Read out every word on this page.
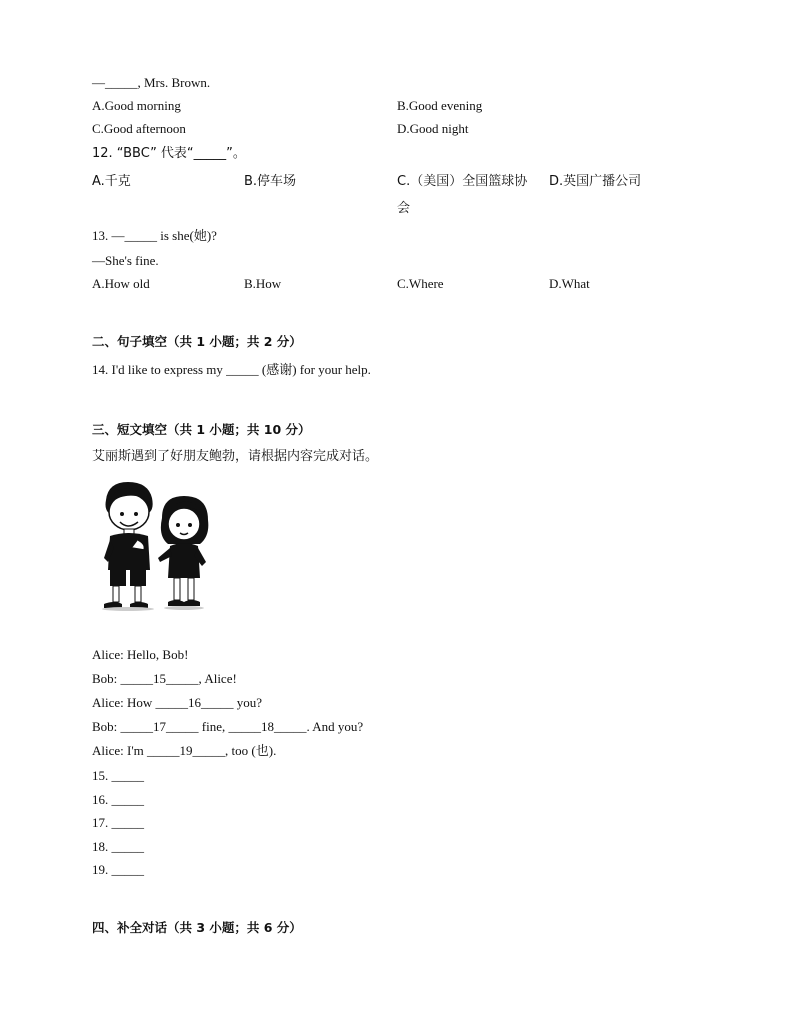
—_____, Mrs. Brown.
A.Good morning	B.Good evening
C.Good afternoon	D.Good night
12. “BBC” 代表“_____”。
A.千克	B.停车场	C.（美国）全国篮球协
会
D.英国广播公司
13. —_____ is she(她)?
—She's fine.
A.How old	B.How	C.Where	D.What
二、句子填空（共 1 小题；共 2 分）
14. I'd like to express my _____ (感谢) for your help.
三、短文填空（共 1 小题；共 10 分）
艾丽斯遇到了好朋友鲍勃，请根据内容完成对话。
Alice: Hello, Bob!
Bob: _____15_____, Alice!
Alice: How _____16_____ you?
Bob: _____17_____ fine, _____18_____. And you?
Alice: I'm _____19_____, too (也).
15. _____
16. _____
17. _____
18. _____
19. _____
四、补全对话（共 3 小题；共 6 分）
